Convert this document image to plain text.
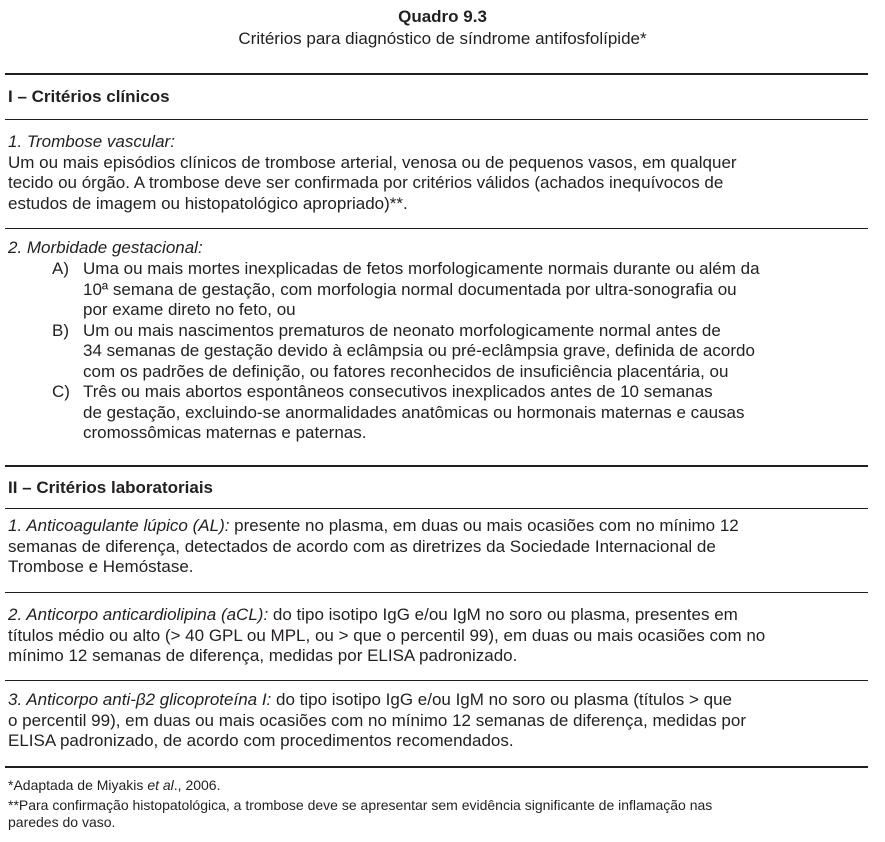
Quadro 9.3
Critérios para diagnóstico de síndrome antifosfolípide*
I – Critérios clínicos

1. Trombose vascular:

Um ou mais episódios clínicos de trombose arterial, venosa ou de pequenos vasos, em qualquer

tecido ou órgão. A trombose deve ser confirmada por critérios válidos (achados inequívocos de

estudos de imagem ou histopatológico apropriado)**.

2. Morbidade gestacional:

A) Uma ou mais mortes inexplicadas de fetos morfologicamente normais durante ou além da
10ª semana de gestação, com morfologia normal documentada por ultra-sonografia ou
por exame direto no feto, ou
B) Um ou mais nascimentos prematuros de neonato morfologicamente normal antes de
34 semanas de gestação devido à eclâmpsia ou pré-eclâmpsia grave, definida de acordo
com os padrões de definição, ou fatores reconhecidos de insuficiência placentária, ou
C) Três ou mais abortos espontâneos consecutivos inexplicados antes de 10 semanas
de gestação, excluindo-se anormalidades anatômicas ou hormonais maternas e causas
cromossômicas maternas e paternas.
II – Critérios laboratoriais

1. Anticoagulante lúpico (AL): presente no plasma, em duas ou mais ocasiões com no mínimo 12

semanas de diferença, detectados de acordo com as diretrizes da Sociedade Internacional de

Trombose e Hemóstase.

2. Anticorpo anticardiolipina (aCL): do tipo isotipo IgG e/ou IgM no soro ou plasma, presentes em

títulos médio ou alto (> 40 GPL ou MPL, ou > que o percentil 99), em duas ou mais ocasiões com no

mínimo 12 semanas de diferença, medidas por ELISA padronizado.

3. Anticorpo anti-β2 glicoproteína I: do tipo isotipo IgG e/ou IgM no soro ou plasma (títulos > que

o percentil 99), em duas ou mais ocasiões com no mínimo 12 semanas de diferença, medidas por

ELISA padronizado, de acordo com procedimentos recomendados.

*Adaptada de Miyakis et al., 2006.

**Para confirmação histopatológica, a trombose deve se apresentar sem evidência significante de inflamação nas

paredes do vaso.
